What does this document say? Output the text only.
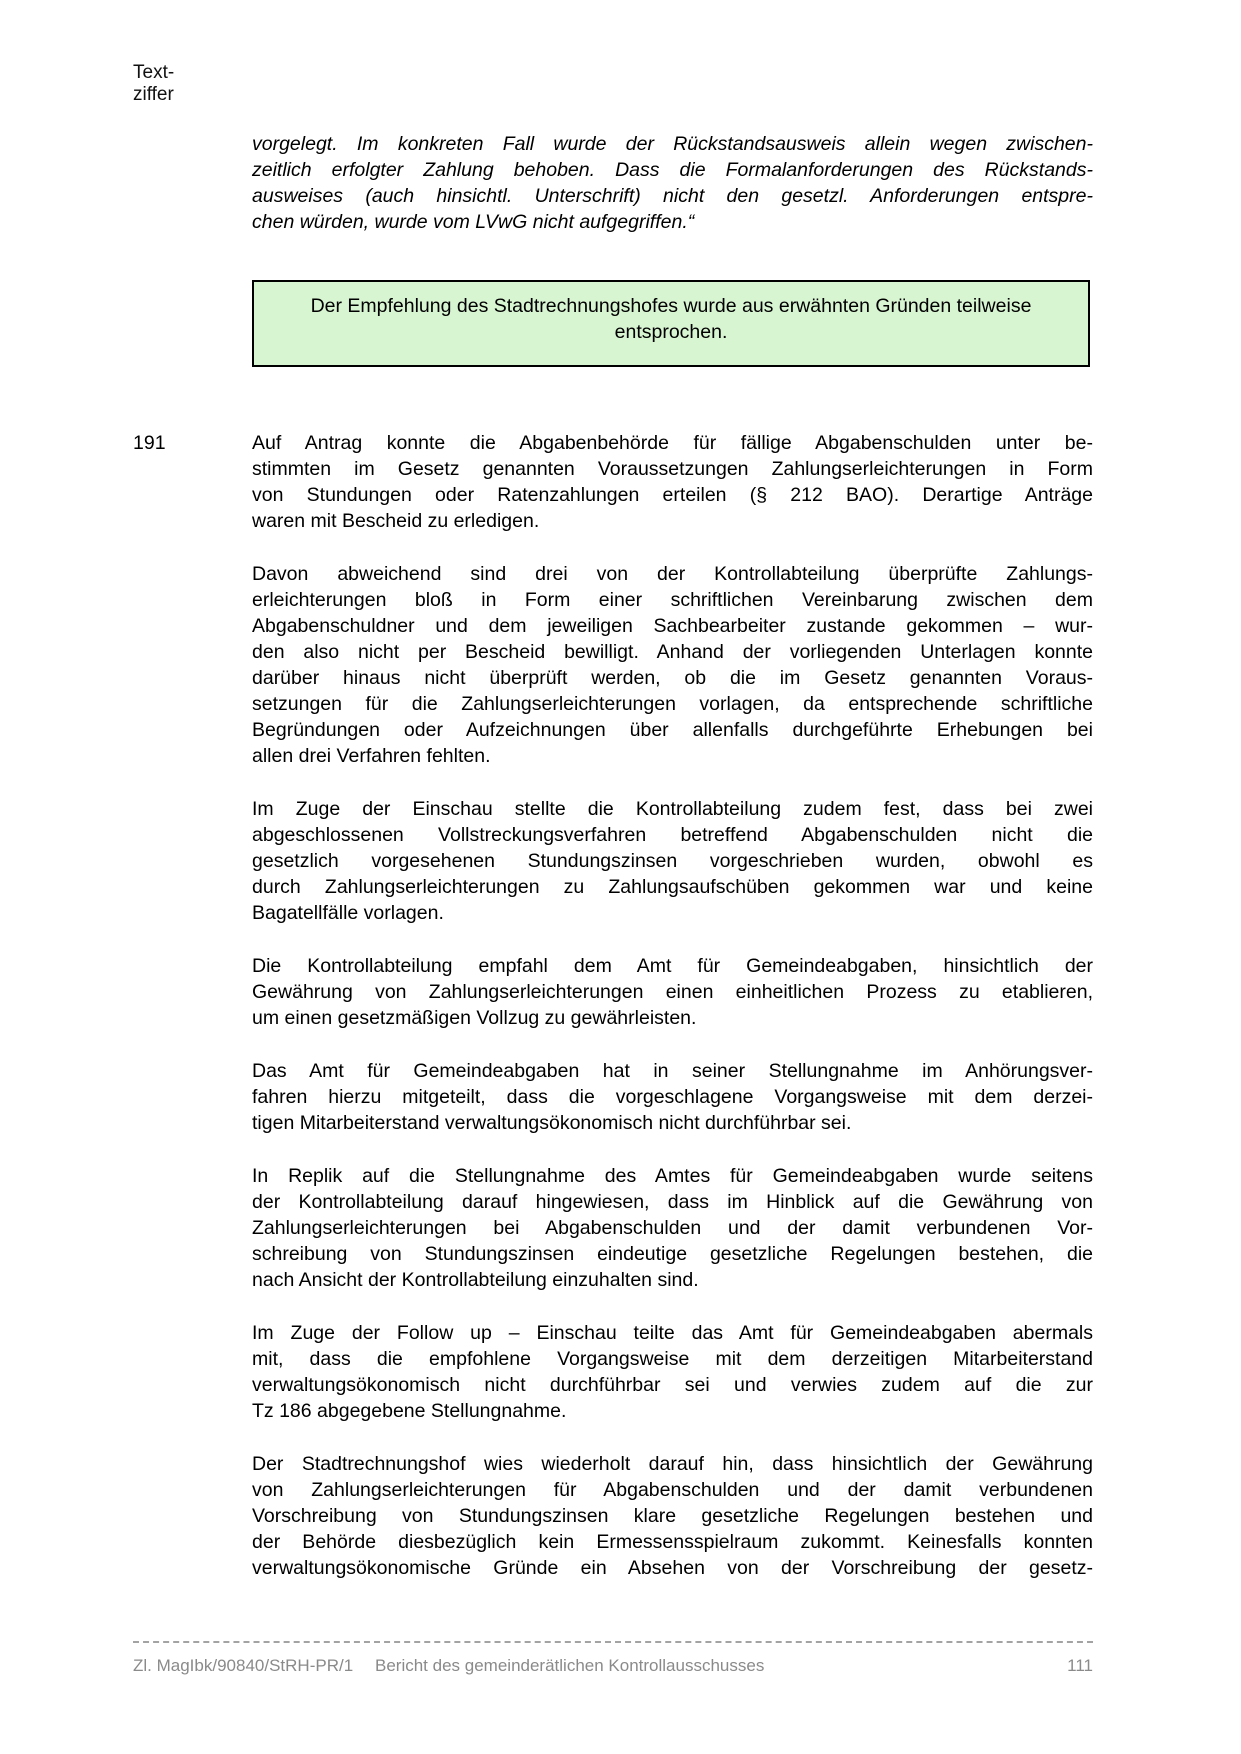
Text-
ziffer
vorgelegt. Im konkreten Fall wurde der Rückstandsausweis allein wegen zwischen-
zeitlich erfolgter Zahlung behoben. Dass die Formalanforderungen des Rückstands-
ausweises (auch hinsichtl. Unterschrift) nicht den gesetzl. Anforderungen entspre-
chen würden, wurde vom LVwG nicht aufgegriffen.“
Der Empfehlung des Stadtrechnungshofes wurde aus erwähnten Gründen teilweise entsprochen.
191	Auf Antrag konnte die Abgabenbehörde für fällige Abgabenschulden unter be-
stimmten im Gesetz genannten Voraussetzungen Zahlungserleichterungen in Form
von Stundungen oder Ratenzahlungen erteilen (§ 212 BAO). Derartige Anträge
waren mit Bescheid zu erledigen.
Davon abweichend sind drei von der Kontrollabteilung überprüfte Zahlungs-
erleichterungen bloß in Form einer schriftlichen Vereinbarung zwischen dem
Abgabenschuldner und dem jeweiligen Sachbearbeiter zustande gekommen – wur-
den also nicht per Bescheid bewilligt. Anhand der vorliegenden Unterlagen konnte
darüber hinaus nicht überprüft werden, ob die im Gesetz genannten Voraus-
setzungen für die Zahlungserleichterungen vorlagen, da entsprechende schriftliche
Begründungen oder Aufzeichnungen über allenfalls durchgeführte Erhebungen bei
allen drei Verfahren fehlten.
Im Zuge der Einschau stellte die Kontrollabteilung zudem fest, dass bei zwei
abgeschlossenen Vollstreckungsverfahren betreffend Abgabenschulden nicht die
gesetzlich vorgesehenen Stundungszinsen vorgeschrieben wurden, obwohl es
durch Zahlungserleichterungen zu Zahlungsaufschüben gekommen war und keine
Bagatellfälle vorlagen.
Die Kontrollabteilung empfahl dem Amt für Gemeindeabgaben, hinsichtlich der
Gewährung von Zahlungserleichterungen einen einheitlichen Prozess zu etablieren,
um einen gesetzmäßigen Vollzug zu gewährleisten.
Das Amt für Gemeindeabgaben hat in seiner Stellungnahme im Anhörungsver-
fahren hierzu mitgeteilt, dass die vorgeschlagene Vorgangsweise mit dem derzei-
tigen Mitarbeiterstand verwaltungsökonomisch nicht durchführbar sei.
In Replik auf die Stellungnahme des Amtes für Gemeindeabgaben wurde seitens
der Kontrollabteilung darauf hingewiesen, dass im Hinblick auf die Gewährung von
Zahlungserleichterungen bei Abgabenschulden und der damit verbundenen Vor-
schreibung von Stundungszinsen eindeutige gesetzliche Regelungen bestehen, die
nach Ansicht der Kontrollabteilung einzuhalten sind.
Im Zuge der Follow up – Einschau teilte das Amt für Gemeindeabgaben abermals
mit, dass die empfohlene Vorgangsweise mit dem derzeitigen Mitarbeiterstand
verwaltungsökonomisch nicht durchführbar sei und verwies zudem auf die zur
Tz 186 abgegebene Stellungnahme.
Der Stadtrechnungshof wies wiederholt darauf hin, dass hinsichtlich der Gewährung
von Zahlungserleichterungen für Abgabenschulden und der damit verbundenen
Vorschreibung von Stundungszinsen klare gesetzliche Regelungen bestehen und
der Behörde diesbezüglich kein Ermessensspielraum zukommt. Keinesfalls konnten
verwaltungsökonomische Gründe ein Absehen von der Vorschreibung der gesetz-
Zl. MagIbk/90840/StRH-PR/1 Bericht des gemeinderätlichen Kontrollausschusses	111
